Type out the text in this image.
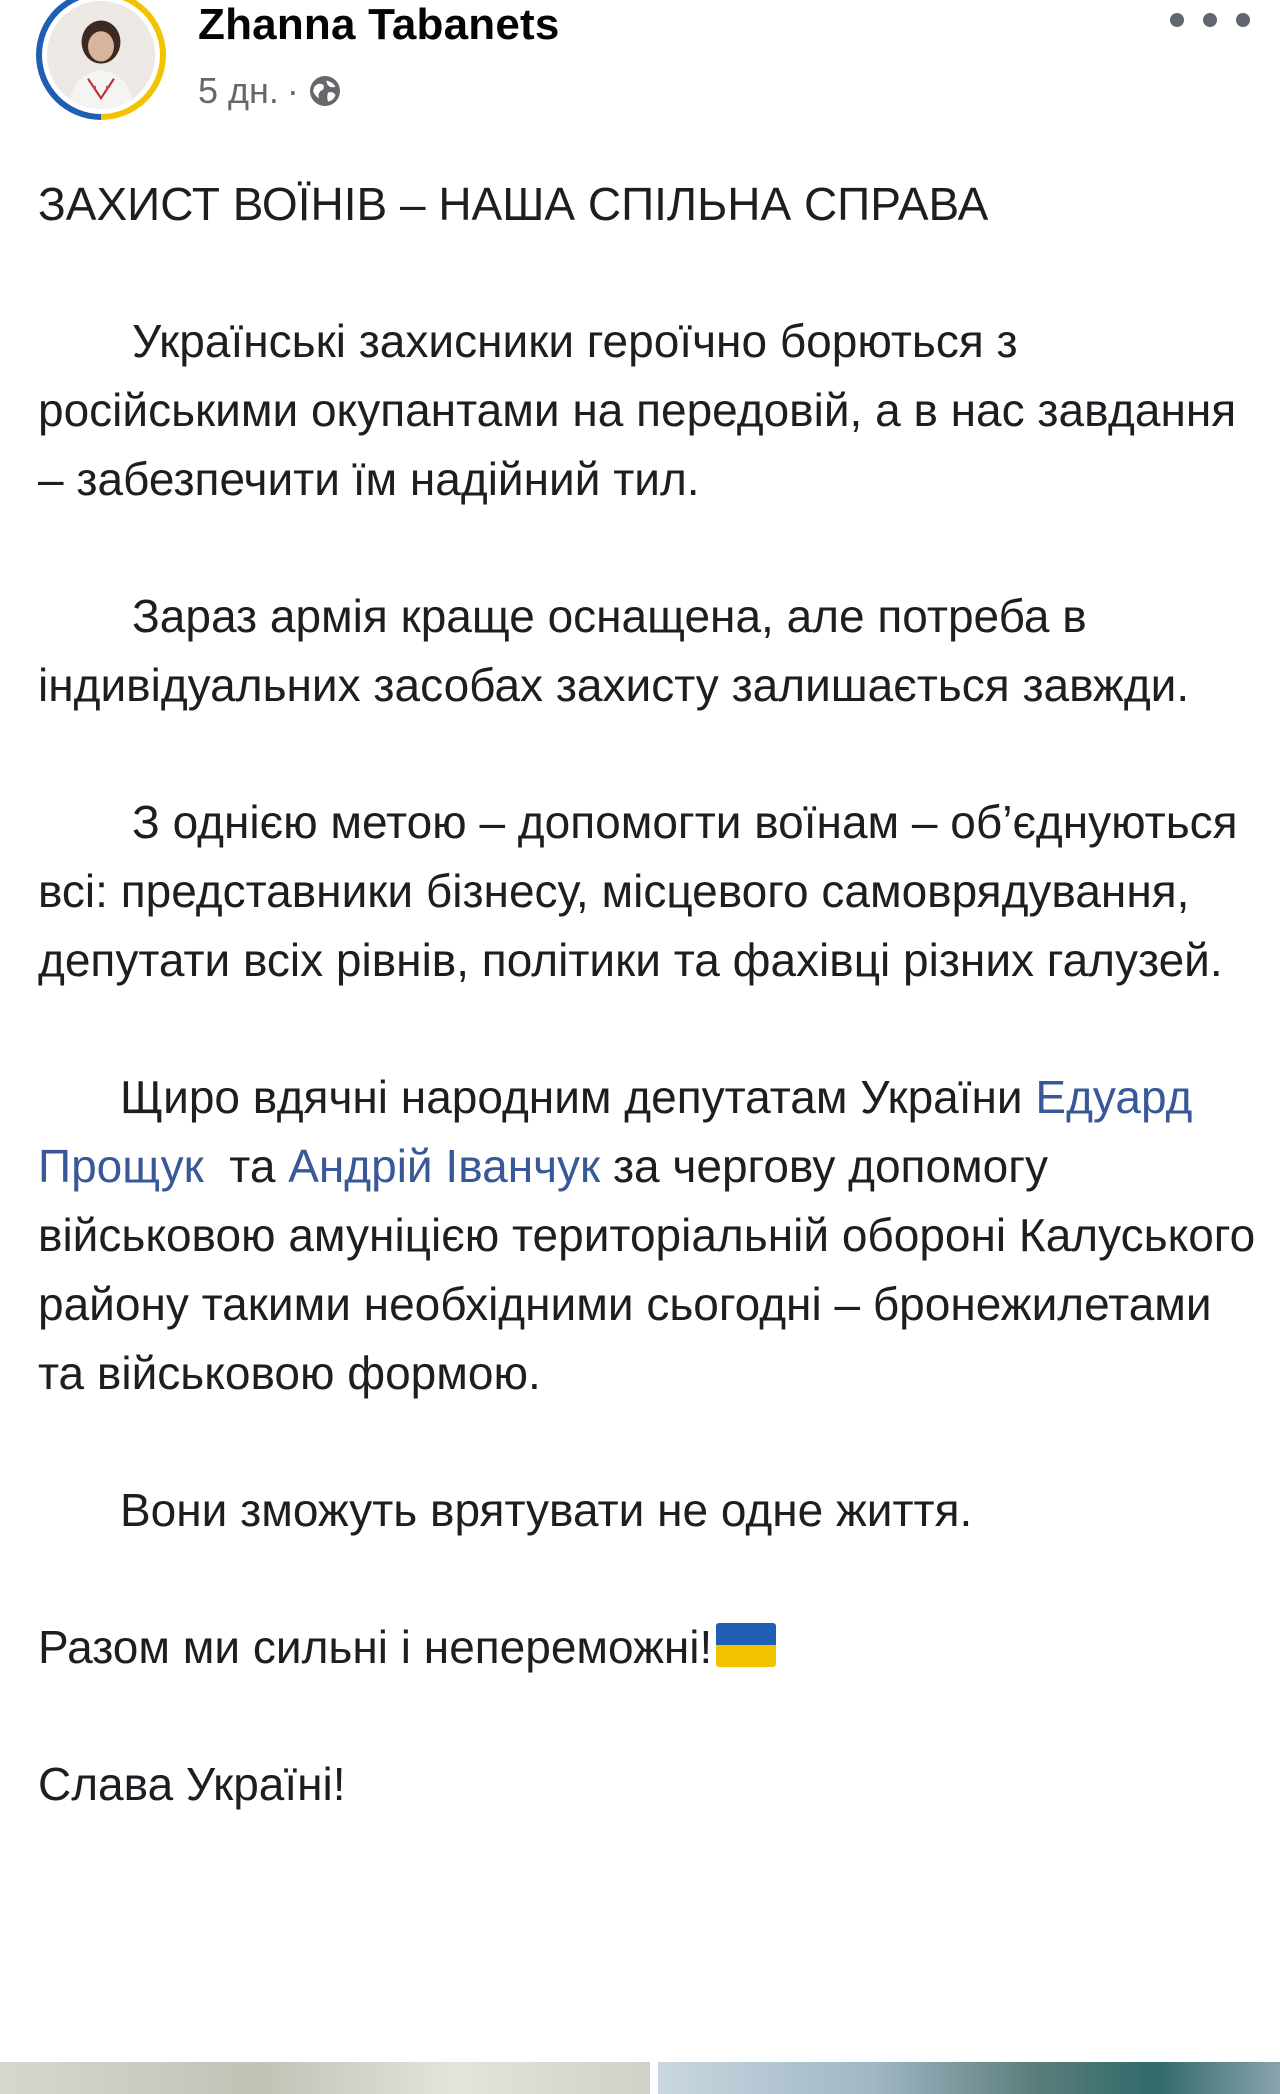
Zhanna Tabanets
5 дн. ·

ЗАХИСТ ВОЇНІВ – НАША СПІЛЬНА СПРАВА

Українські захисники героїчно борються з російськими окупантами на передовій, а в нас завдання – забезпечити їм надійний тил.

Зараз армія краще оснащена, але потреба в індивідуальних засобах захисту залишається завжди.

З однією метою – допомогти воїнам – об’єднуються всі: представники бізнесу, місцевого самоврядування, депутати всіх рівнів, політики та фахівці різних галузей.

Щиро вдячні народним депутатам України Едуард Прощук  та Андрій Іванчук за чергову допомогу військовою амуніцією територіальній обороні Калуського району такими необхідними сьогодні – бронежилетами та військовою формою.

Вони зможуть врятувати не одне життя.

Разом ми сильні і непереможні!

Слава Україні!
